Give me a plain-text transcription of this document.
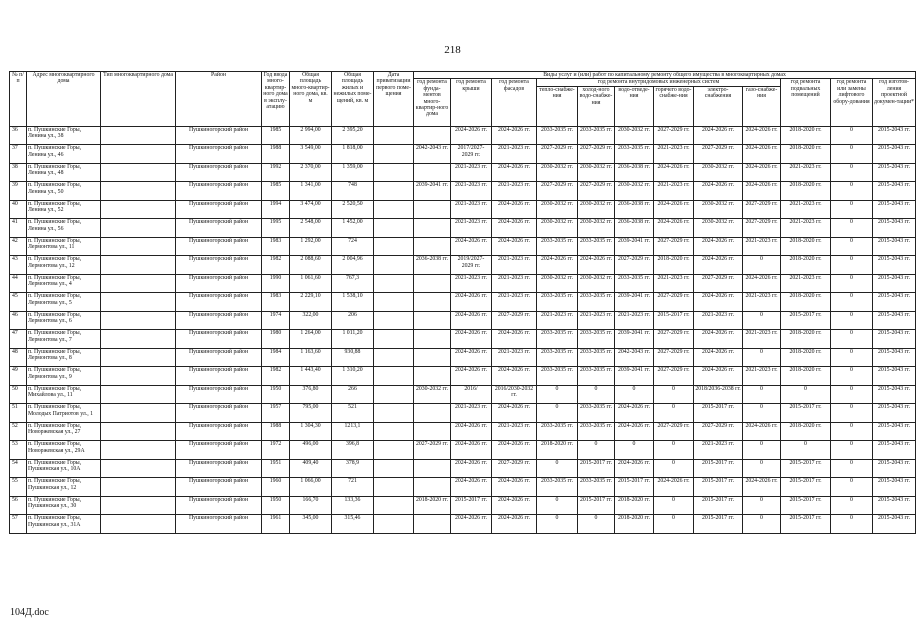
218
№ п/п	Адрес многоквартирного дома	Тип многоквартирного дома	Район	Год ввода много-квартир-ного дома в эксплу-атацию	Общая площадь много-квартир-ного дома, кв. м	Общая площадь жилых и нежилых поме-щений, кв. м	Дата приватизации первого поме-щения	Виды услуг и (или) работ по капитальному ремонту общего имущества в многоквартирных домах											
								год ремонта фунда-ментов много-квартир-ного дома	год ремонта крыши	год ремонта фасадов	год ремонта внутридомовых инженерных систем						год ремонта подвальных помещений	год ремонта или замены лифтового обору-дования	год изготов-ления проектной докумен-тации*
											тепло-снабже-ния	холод-ного водо-снабже-ния	водо-отведе-ния	горячего водо-снабже-ния	электро-снабжения	газо-снабже-ния			
36	п. Пушкинские Горы, Ленина ул., 38		Пушкиногорский район	1985	2 994,00	2 395,20			2024-2026 гг.	2024-2026 гг.	2033-2035 гг.	2033-2035 гг.	2030-2032 гг.	2027-2029 гг.	2024-2026 гг.	2024-2026 гг.	2018-2020 гг.	0	2015-2043 гг.
37	п. Пушкинские Горы, Ленина ул., 46		Пушкиногорский район	1988	3 549,00	1 818,00		2042-2043 гг.	2017/2027-2029 гг.	2021-2023 гг.	2027-2029 гг.	2027-2029 гг.	2033-2035 гг.	2021-2023 гг.	2027-2029 гг.	2024-2026 гг.	2018-2020 гг.	0	2015-2043 гг.
38	п. Пушкинские Горы, Ленина ул., 48		Пушкиногорский район	1992	2 370,00	1 359,00			2021-2023 гг.	2024-2026 гг.	2030-2032 гг.	2030-2032 гг.	2036-2038 гг.	2024-2026 гг.	2030-2032 гг.	2024-2026 гг.	2021-2023 гг.	0	2015-2043 гг.
39	п. Пушкинские Горы, Ленина ул., 50		Пушкиногорский район	1985	1 341,00	748		2039-2041 гг.	2021-2023 гг.	2021-2023 гг.	2027-2029 гг.	2027-2029 гг.	2030-2032 гг.	2021-2023 гг.	2024-2026 гг.	2024-2026 гг.	2018-2020 гг.	0	2015-2043 гг.
40	п. Пушкинские Горы, Ленина ул., 52		Пушкиногорский район	1994	3 474,00	2 520,50			2021-2023 гг.	2024-2026 гг.	2030-2032 гг.	2030-2032 гг.	2036-2038 гг.	2024-2026 гг.	2030-2032 гг.	2027-2029 гг.	2021-2023 гг.	0	2015-2043 гг.
41	п. Пушкинские Горы, Ленина ул., 56		Пушкиногорский район	1995	2 548,00	1 452,00			2021-2023 гг.	2024-2026 гг.	2030-2032 гг.	2030-2032 гг.	2036-2038 гг.	2024-2026 гг.	2030-2032 гг.	2027-2029 гг.	2021-2023 гг.	0	2015-2043 гг.
42	п. Пушкинские Горы, Лермонтова ул., 11		Пушкиногорский район	1983	1 292,00	724			2024-2026 гг.	2024-2026 гг.	2033-2035 гг.	2033-2035 гг.	2039-2041 гг.	2027-2029 гг.	2024-2026 гг.	2021-2023 гг.	2018-2020 гг.	0	2015-2043 гг.
43	п. Пушкинские Горы, Лермонтова ул., 12		Пушкиногорский район	1982	2 088,60	2 004,96		2036-2038 гг.	2019/2027-2029 гг.	2021-2023 гг.	2024-2026 гг.	2024-2026 гг.	2027-2029 гг.	2018-2020 гг.	2024-2026 гг.	0	2018-2020 гг.	0	2015-2043 гг.
44	п. Пушкинские Горы, Лермонтова ул., 4		Пушкиногорский район	1990	1 061,60	767,3			2021-2023 гг.	2021-2023 гг.	2030-2032 гг.	2030-2032 гг.	2033-2035 гг.	2021-2023 гг.	2027-2029 гг.	2024-2026 гг.	2021-2023 гг.	0	2015-2043 гг.
45	п. Пушкинские Горы, Лермонтова ул., 5		Пушкиногорский район	1983	2 229,10	1 538,10			2024-2026 гг.	2021-2023 гг.	2033-2035 гг.	2033-2035 гг.	2039-2041 гг.	2027-2029 гг.	2024-2026 гг.	2021-2023 гг.	2018-2020 гг.	0	2015-2043 гг.
46	п. Пушкинские Горы, Лермонтова ул., 6		Пушкиногорский район	1974	322,00	206			2024-2026 гг.	2027-2029 гг.	2021-2023 гг.	2021-2023 гг.	2021-2023 гг.	2015-2017 гг.	2021-2023 гг.	0	2015-2017 гг.	0	2015-2043 гг.
47	п. Пушкинские Горы, Лермонтова ул., 7		Пушкиногорский район	1980	1 264,00	1 011,20			2024-2026 гг.	2024-2026 гг.	2033-2035 гг.	2033-2035 гг.	2039-2041 гг.	2027-2029 гг.	2024-2026 гг.	2021-2023 гг.	2018-2020 гг.	0	2015-2043 гг.
48	п. Пушкинские Горы, Лермонтова ул., 8		Пушкиногорский район	1984	1 163,60	930,88			2024-2026 гг.	2021-2023 гг.	2033-2035 гг.	2033-2035 гг.	2042-2043 гг.	2027-2029 гг.	2024-2026 гг.	0	2018-2020 гг.	0	2015-2043 гг.
49	п. Пушкинские Горы, Лермонтова ул., 9		Пушкиногорский район	1982	1 443,40	1 310,20			2024-2026 гг.	2024-2026 гг.	2033-2035 гг.	2033-2035 гг.	2039-2041 гг.	2027-2029 гг.	2024-2026 гг.	2021-2023 гг.	2018-2020 гг.	0	2015-2043 гг.
50	п. Пушкинские Горы, Михайлова ул., 11		Пушкиногорский район	1950	376,80	266		2030-2032 гг.	2016/	2016/2030-2032 гг.	0	0	0	0	2018/2036-2038 гг.	0	0	0	2015-2043 гг.
51	п. Пушкинские Горы, Молодых Патриотов ул., 1		Пушкиногорский район	1957	795,00	521			2021-2023 гг.	2024-2026 гг.	0	2033-2035 гг.	2024-2026 гг.	0	2015-2017 гг.	0	2015-2017 гг.	0	2015-2043 гг.
52	п. Пушкинские Горы, Новоржевская ул., 27		Пушкиногорский район	1988	1 304,30	1213,1			2024-2026 гг.	2021-2023 гг.	2033-2035 гг.	2033-2035 гг.	2024-2026 гг.	2027-2029 гг.	2027-2029 гг.	2024-2026 гг.	2018-2020 гг.	0	2015-2043 гг.
53	п. Пушкинские Горы, Новоржевская ул., 29А		Пушкиногорский район	1972	496,00	396,8		2027-2029 гг.	2024-2026 гг.	2024-2026 гг.	2018-2020 гг.	0	0	0	2021-2023 гг.	0	0	0	2015-2043 гг.
54	п. Пушкинские Горы, Пушкинская ул., 10А		Пушкиногорский район	1951	409,40	378,9			2024-2026 гг.	2027-2029 гг.	0	2015-2017 гг.	2024-2026 гг.	0	2015-2017 гг.	0	2015-2017 гг.	0	2015-2043 гг.
55	п. Пушкинские Горы, Пушкинская ул., 12		Пушкиногорский район	1960	1 066,00	721			2024-2026 гг.	2024-2026 гг.	2033-2035 гг.	2033-2035 гг.	2015-2017 гг.	2024-2026 гг.	2015-2017 гг.	2024-2026 гг.	2015-2017 гг.	0	2015-2043 гг.
56	п. Пушкинские Горы, Пушкинская ул., 30		Пушкиногорский район	1950	166,70	133,36		2018-2020 гг.	2015-2017 гг.	2024-2026 гг.	0	2015-2017 гг.	2018-2020 гг.	0	2015-2017 гг.	0	2015-2017 гг.	0	2015-2043 гг.
57	п. Пушкинские Горы, Пушкинская ул., 31А		Пушкиногорский район	1961	345,00	315,46			2024-2026 гг.	2024-2026 гг.	0	0	2018-2020 гг.	0	2015-2017 гг.	0	2015-2017 гг.	0	2015-2043 гг.
104Д.doc
